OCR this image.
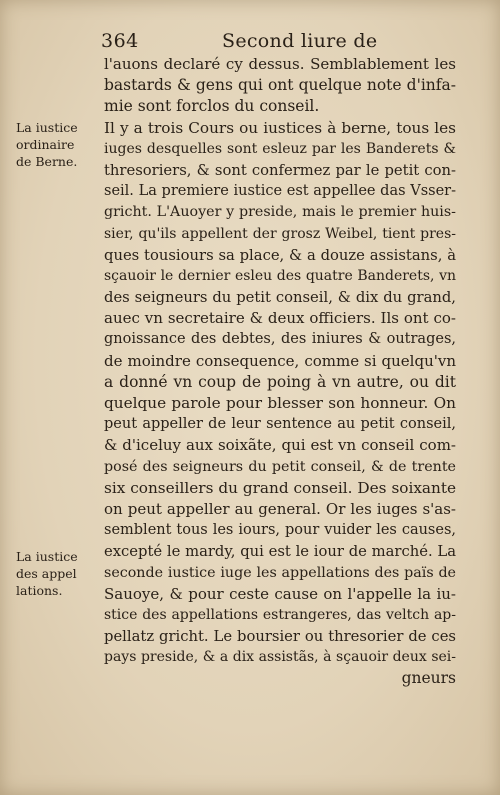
364	Second liure de
La iustice
ordinaire
de Berne.
La iustice
des appel
lations.
l'auons declaré cy dessus. Semblablement les
bastards & gens qui ont quelque note d'infa-
mie sont forclos du conseil.
Il y a trois Cours ou iustices à berne, tous les
iuges desquelles sont esleuz par les Banderets &
thresoriers, & sont confermez par le petit con-
seil. La premiere iustice est appellee das Vsser-
gricht. L'Auoyer y preside, mais le premier huis-
sier, qu'ils appellent der grosz Weibel, tient pres-
ques tousiours sa place, & a douze assistans, à
sçauoir le dernier esleu des quatre Banderets, vn
des seigneurs du petit conseil, & dix du grand,
auec vn secretaire & deux officiers. Ils ont co-
gnoissance des debtes, des iniures & outrages,
de moindre consequence, comme si quelqu'vn
a donné vn coup de poing à vn autre, ou dit
quelque parole pour blesser son honneur. On
peut appeller de leur sentence au petit conseil,
& d'iceluy aux soixãte, qui est vn conseil com-
posé des seigneurs du petit conseil, & de trente
six conseillers du grand conseil. Des soixante
on peut appeller au general. Or les iuges s'as-
semblent tous les iours, pour vuider les causes,
excepté le mardy, qui est le iour de marché. La
seconde iustice iuge les appellations des païs de
Sauoye, & pour ceste cause on l'appelle la iu-
stice des appellations estrangeres, das veltch ap-
pellatz gricht. Le boursier ou thresorier de ces
pays preside, & a dix assistãs, à sçauoir deux sei-
gneurs
